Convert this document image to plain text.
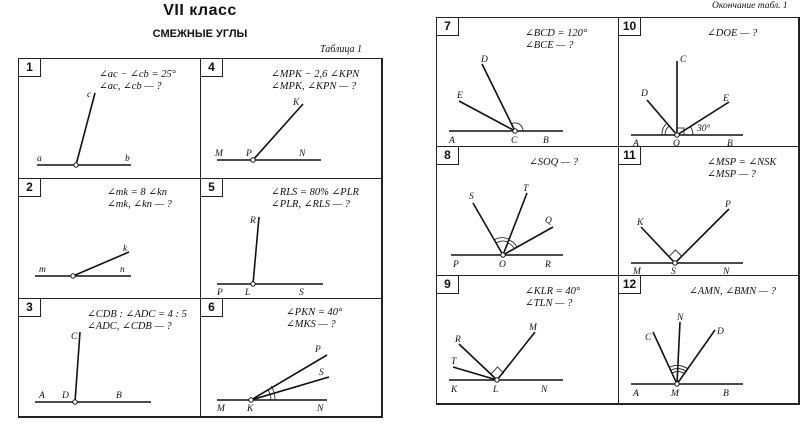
VII класс
СМЕЖНЫЕ УГЛЫ
Таблица 1
Окончание табл. 1
1
∠ac − ∠cb = 25°
∠ac, ∠cb — ?
c
a	b
4
∠MPK − 2,6 ∠KPN
∠MPK, ∠KPN — ?
K
M P	N
2	∠mk = 8 ∠kn
∠mk, ∠kn — ?
k
m	n
5	∠RLS = 80% ∠PLR
∠PLR, ∠RLS — ?
R
P L	S
3
∠CDB : ∠ADC = 4 : 5
∠ADC, ∠CDB — ?
C
A D	B
6	∠PKN = 40°
∠MKS — ?
P
S
M K	N
7
∠BCD = 120°
∠BCE — ?
D
E
A	C	B
10
∠DOE — ?
C
D	E
30°
A	O	B
8
∠SOQ — ?
S
T
Q
P	O	R
11
∠MSP = ∠NSK
∠MSP — ?
K
P
M	S	N
9
∠KLR = 40°
∠TLN — ?
R
M
T
K	L	N
12
∠AMN, ∠BMN — ?
C
N
D
A	M	B
